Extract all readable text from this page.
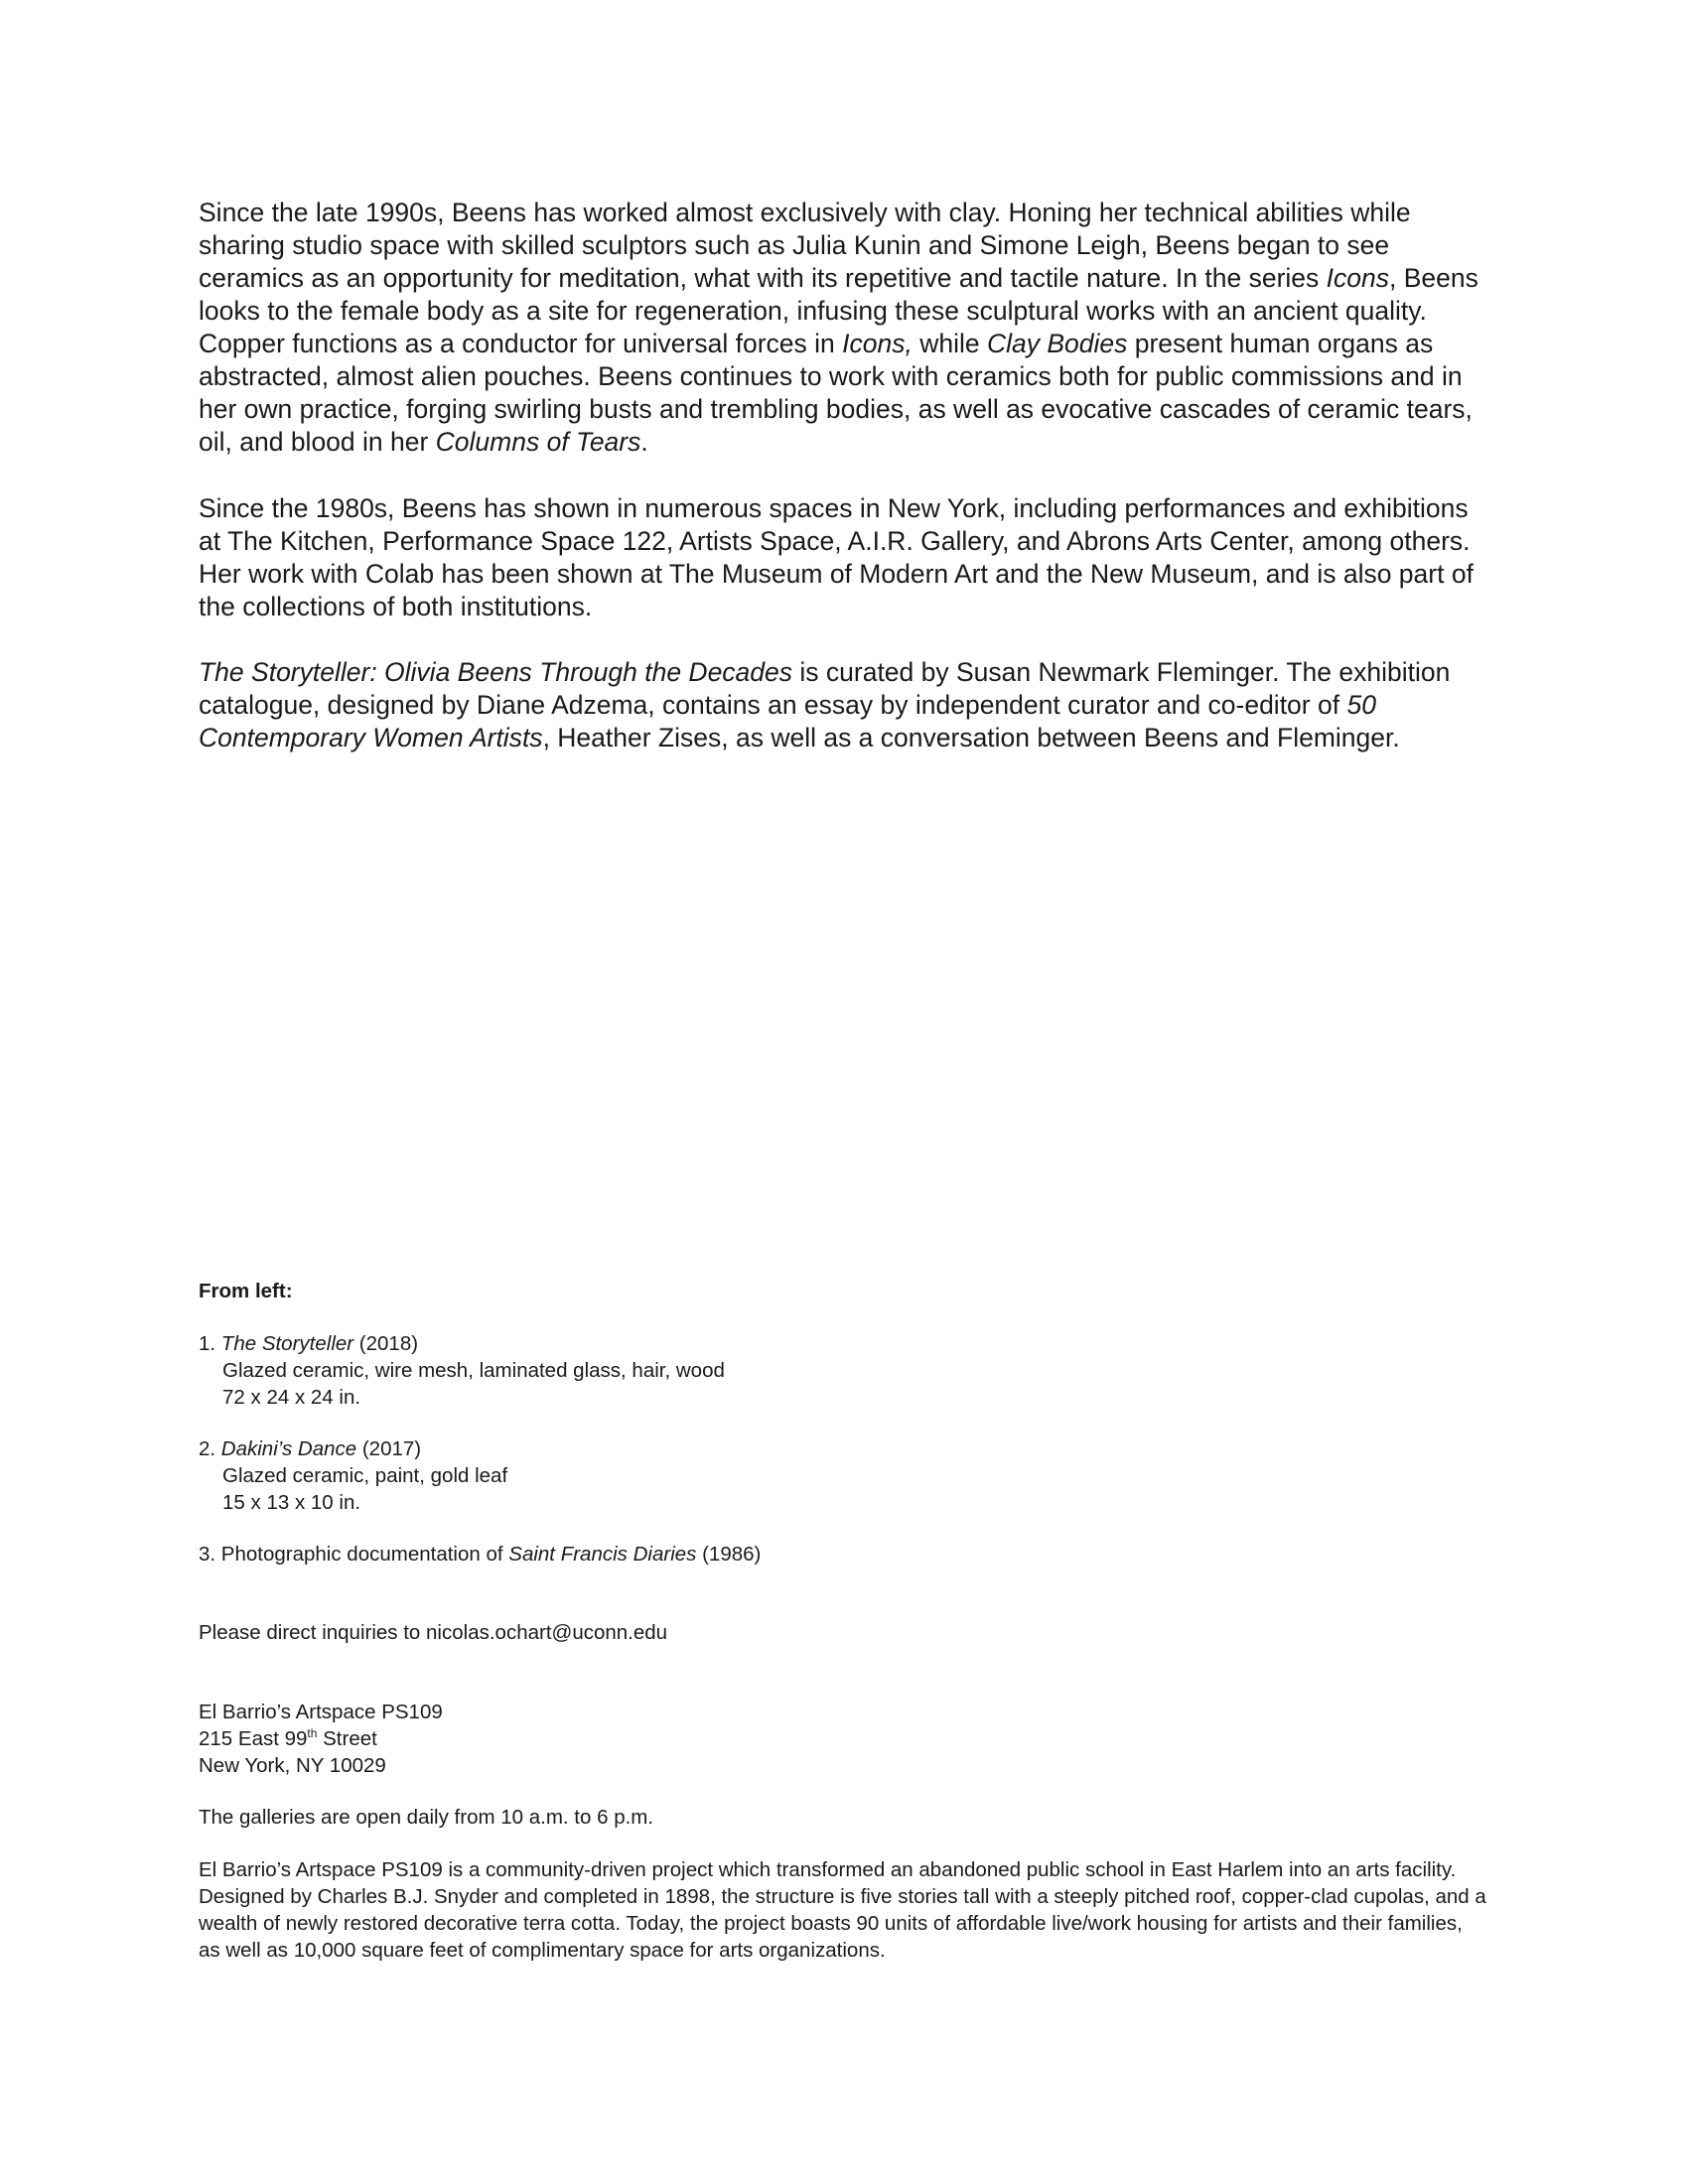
Since the late 1990s, Beens has worked almost exclusively with clay. Honing her technical abilities while sharing studio space with skilled sculptors such as Julia Kunin and Simone Leigh, Beens began to see ceramics as an opportunity for meditation, what with its repetitive and tactile nature. In the series Icons, Beens looks to the female body as a site for regeneration, infusing these sculptural works with an ancient quality. Copper functions as a conductor for universal forces in Icons, while Clay Bodies present human organs as abstracted, almost alien pouches. Beens continues to work with ceramics both for public commissions and in her own practice, forging swirling busts and trembling bodies, as well as evocative cascades of ceramic tears, oil, and blood in her Columns of Tears.

Since the 1980s, Beens has shown in numerous spaces in New York, including performances and exhibitions at The Kitchen, Performance Space 122, Artists Space, A.I.R. Gallery, and Abrons Arts Center, among others. Her work with Colab has been shown at The Museum of Modern Art and the New Museum, and is also part of the collections of both institutions.

The Storyteller: Olivia Beens Through the Decades is curated by Susan Newmark Fleminger. The exhibition catalogue, designed by Diane Adzema, contains an essay by independent curator and co-editor of 50 Contemporary Women Artists, Heather Zises, as well as a conversation between Beens and Fleminger.

From left:

1. The Storyteller (2018)
Glazed ceramic, wire mesh, laminated glass, hair, wood
72 x 24 x 24 in.
2. Dakini’s Dance (2017)
Glazed ceramic, paint, gold leaf
15 x 13 x 10 in.
3. Photographic documentation of Saint Francis Diaries (1986)

Please direct inquiries to nicolas.ochart@uconn.edu

El Barrio’s Artspace PS109

215 East 99th Street

New York, NY 10029

The galleries are open daily from 10 a.m. to 6 p.m.

El Barrio’s Artspace PS109 is a community-driven project which transformed an abandoned public school in East Harlem into an arts facility. Designed by Charles B.J. Snyder and completed in 1898, the structure is five stories tall with a steeply pitched roof, copper-clad cupolas, and a wealth of newly restored decorative terra cotta. Today, the project boasts 90 units of affordable live/work housing for artists and their families, as well as 10,000 square feet of complimentary space for arts organizations.
